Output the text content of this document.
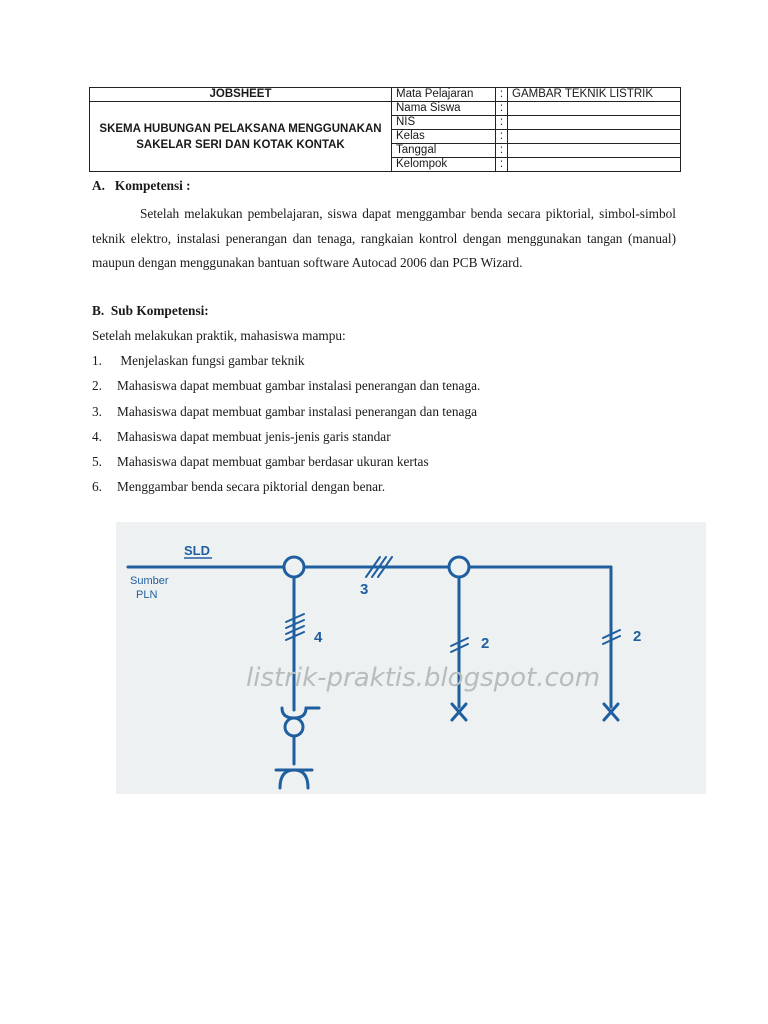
JOBSHEET	Mata Pelajaran	:	GAMBAR TEKNIK LISTRIK
SKEMA HUBUNGAN PELAKSANA MENGGUNAKAN SAKELAR SERI DAN KOTAK KONTAK	Nama Siswa	:	
	NIS	:	
	Kelas	:	
	Tanggal	:	
	Kelompok	:	
A.   Kompetensi :
Setelah melakukan pembelajaran, siswa dapat menggambar benda secara piktorial, simbol-simbol teknik elektro, instalasi penerangan dan tenaga, rangkaian kontrol dengan menggunakan tangan (manual) maupun dengan menggunakan bantuan software Autocad 2006 dan PCB Wizard.
B.  Sub Kompetensi:
Setelah melakukan praktik, mahasiswa mampu:
1. Menjelaskan fungsi gambar teknik
2. Mahasiswa dapat membuat gambar instalasi penerangan dan tenaga.
3. Mahasiswa dapat membuat gambar instalasi penerangan dan tenaga
4. Mahasiswa dapat membuat jenis-jenis garis standar
5. Mahasiswa dapat membuat gambar berdasar ukuran kertas
6. Menggambar benda secara piktorial dengan benar.
SLD
Sumber
PLN	3
4	2	2
listrik-praktis.blogspot.com
